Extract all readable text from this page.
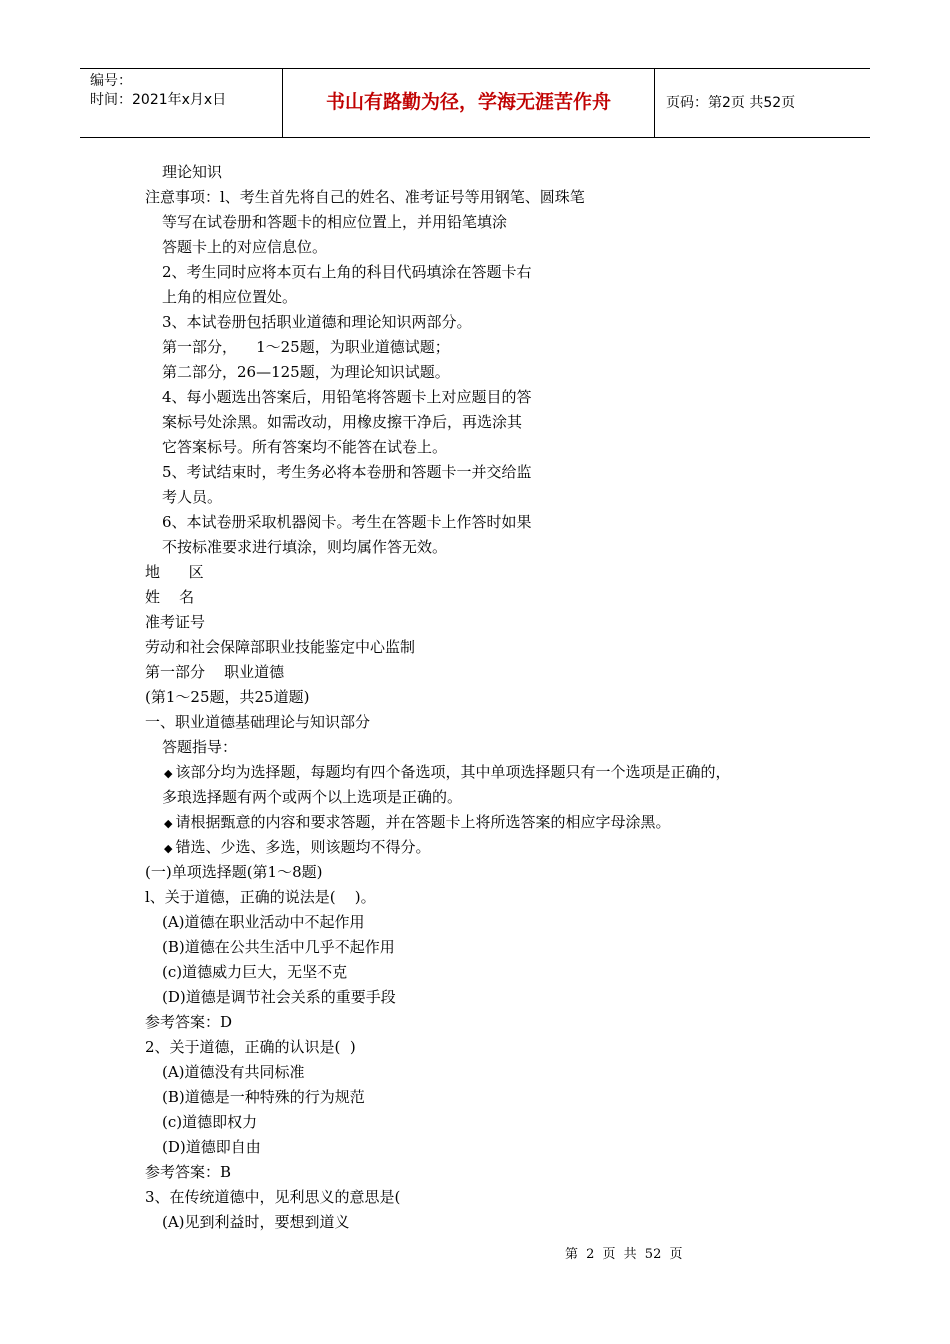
编号：
时间：2021年x月x日	书山有路勤为径，学海无涯苦作舟	页码：第2页 共52页
理论知识
注意事项：l、考生首先将自己的姓名、准考证号等用钢笔、圆珠笔
等写在试卷册和答题卡的相应位置上，并用铅笔填涂
答题卡上的对应信息位。
2、考生同时应将本页右上角的科目代码填涂在答题卡右
上角的相应位置处。
3、本试卷册包括职业道德和理论知识两部分。
第一部分，    1～25题，为职业道德试题；
第二部分，26—125题，为理论知识试题。
4、每小题选出答案后，用铅笔将答题卡上对应题目的答
案标号处涂黑。如需改动，用橡皮擦干净后，再选涂其
它答案标号。所有答案均不能答在试卷上。
5、考试结束时，考生务必将本卷册和答题卡一并交给监
考人员。
6、本试卷册采取机器阅卡。考生在答题卡上作答时如果
不按标准要求进行填涂，则均属作答无效。
地      区
姓    名
准考证号
劳动和社会保障部职业技能鉴定中心监制
第一部分    职业道德
(第1～25题，共25道题)
一、职业道德基础理论与知识部分
答题指导：
◆ 该部分均为选择题，每题均有四个备选项，其中单项选择题只有一个选项是正确的，
多琅选择题有两个或两个以上选项是正确的。
◆ 请根据甄意的内容和要求答题，并在答题卡上将所选答案的相应字母涂黑。
◆ 错选、少选、多选，则该题均不得分。
(一)单项选择题(第1～8题)
l、关于道德，正确的说法是(    )。
(A)道德在职业活动中不起作用
(B)道德在公共生活中几乎不起作用
(c)道德威力巨大，无坚不克
(D)道德是调节社会关系的重要手段
参考答案：D
2、关于道德，正确的认识是(  )
(A)道德没有共同标准
(B)道德是一种特殊的行为规范
(c)道德即权力
(D)道德即自由
参考答案：B
3、在传统道德中，见利思义的意思是(
(A)见到利益时，要想到道义
第 2 页 共 52 页
